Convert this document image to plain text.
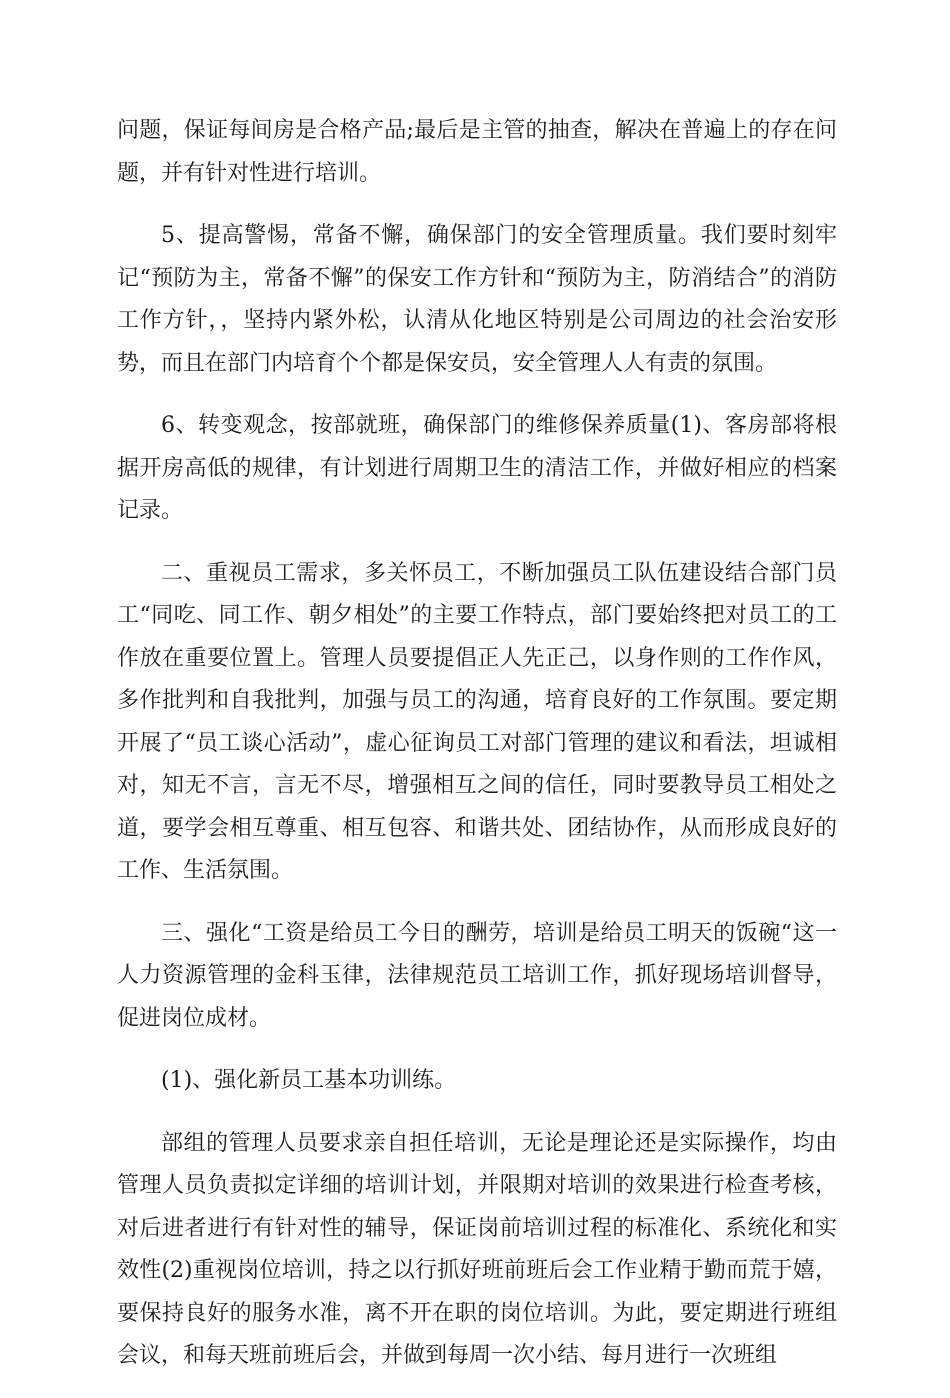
问题，保证每间房是合格产品;最后是主管的抽查，解决在普遍上的存在问题，并有针对性进行培训。

5、提高警惕，常备不懈，确保部门的安全管理质量。我们要时刻牢记“预防为主，常备不懈”的保安工作方针和“预防为主，防消结合”的消防工作方针，，坚持内紧外松，认清从化地区特别是公司周边的社会治安形势，而且在部门内培育个个都是保安员，安全管理人人有责的氛围。

6、转变观念，按部就班，确保部门的维修保养质量(1)、客房部将根据开房高低的规律，有计划进行周期卫生的清洁工作，并做好相应的档案记录。

二、重视员工需求，多关怀员工，不断加强员工队伍建设结合部门员工“同吃、同工作、朝夕相处”的主要工作特点，部门要始终把对员工的工作放在重要位置上。管理人员要提倡正人先正己，以身作则的工作作风，多作批判和自我批判，加强与员工的沟通，培育良好的工作氛围。要定期开展了“员工谈心活动”，虚心征询员工对部门管理的建议和看法，坦诚相对，知无不言，言无不尽，增强相互之间的信任，同时要教导员工相处之道，要学会相互尊重、相互包容、和谐共处、团结协作，从而形成良好的工作、生活氛围。

三、强化“工资是给员工今日的酬劳，培训是给员工明天的饭碗“这一人力资源管理的金科玉律，法律规范员工培训工作，抓好现场培训督导，促进岗位成材。

(1)、强化新员工基本功训练。

部组的管理人员要求亲自担任培训，无论是理论还是实际操作，均由管理人员负责拟定详细的培训计划，并限期对培训的效果进行检查考核，对后进者进行有针对性的辅导，保证岗前培训过程的标准化、系统化和实效性(2)重视岗位培训，持之以行抓好班前班后会工作业精于勤而荒于嬉，要保持良好的服务水准，离不开在职的岗位培训。为此，要定期进行班组会议，和每天班前班后会，并做到每周一次小结、每月进行一次班组
